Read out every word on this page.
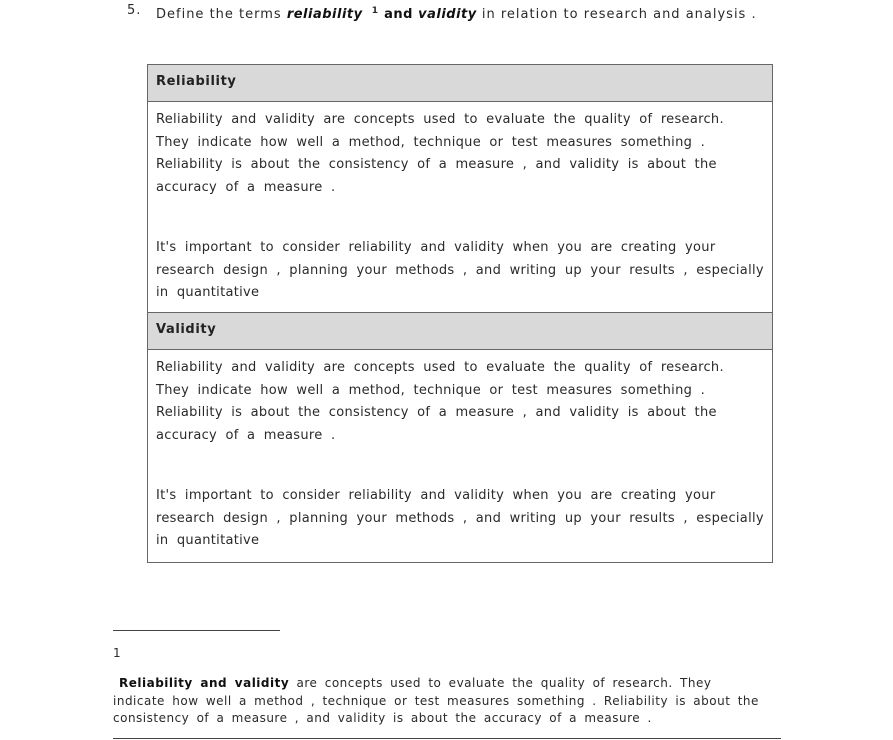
5. Define the terms reliability $^1$ and validity in relation to research and analysis .
Reliability

Reliability and validity are concepts used to evaluate the quality of research. They indicate how well a method, technique or test measures something . Reliability is about the consistency of a measure , and validity is about the accuracy of a measure .

It's important to consider reliability and validity when you are creating your research design , planning your methods , and writing up your results , especially in quantitative

Validity

Reliability and validity are concepts used to evaluate the quality of research. They indicate how well a method, technique or test measures something . Reliability is about the consistency of a measure , and validity is about the accuracy of a measure .

It's important to consider reliability and validity when you are creating your research design , planning your methods , and writing up your results , especially in quantitative

1
Reliability and validity are concepts used to evaluate the quality of research. They indicate how well a method , technique or test measures something . Reliability is about the consistency of a measure , and validity is about the accuracy of a measure .
